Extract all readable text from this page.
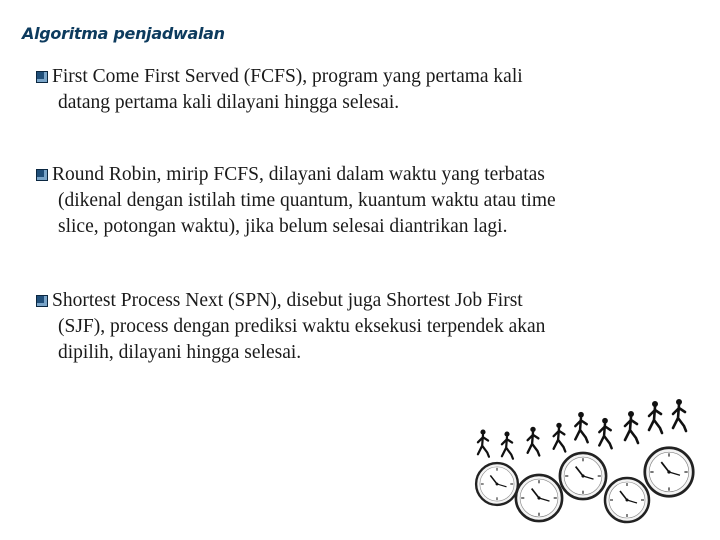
Algoritma penjadwalan
First Come First Served (FCFS), program yang pertama kali
datang pertama kali dilayani hingga selesai.
Round Robin, mirip FCFS, dilayani dalam waktu yang terbatas
(dikenal dengan istilah time quantum, kuantum waktu atau time
slice, potongan waktu), jika belum selesai diantrikan lagi.
Shortest Process Next (SPN), disebut juga Shortest Job First
(SJF), process dengan prediksi waktu eksekusi terpendek akan
dipilih, dilayani hingga selesai.
